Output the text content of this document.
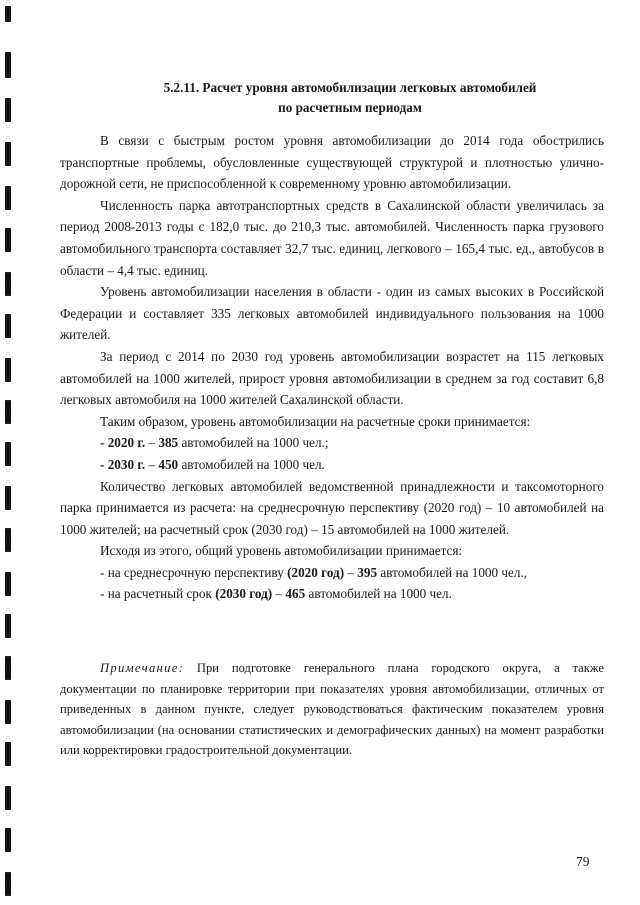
5.2.11. Расчет уровня автомобилизации легковых автомобилей
по расчетным периодам

В связи с быстрым ростом уровня автомобилизации до 2014 года обострились транспортные проблемы, обусловленные существующей структурой и плотностью улично-дорожной сети, не приспособленной к современному уровню автомобилизации.

Численность парка автотранспортных средств в Сахалинской области увеличилась за период 2008-2013 годы с 182,0 тыс. до 210,3 тыс. автомобилей. Численность парка грузового автомобильного транспорта составляет 32,7 тыс. единиц, легкового – 165,4 тыс. ед., автобусов в области – 4,4 тыс. единиц.

Уровень автомобилизации населения в области - один из самых высоких в Российской Федерации и составляет 335 легковых автомобилей индивидуального пользования на 1000 жителей.

За период с 2014 по 2030 год уровень автомобилизации возрастет на 115 легковых автомобилей на 1000 жителей, прирост уровня автомобилизации в среднем за год составит 6,8 легковых автомобиля на 1000 жителей Сахалинской области.

Таким образом, уровень автомобилизации на расчетные сроки принимается:

- 2020 г. – 385 автомобилей на 1000 чел.;

- 2030 г. – 450 автомобилей на 1000 чел.

Количество легковых автомобилей ведомственной принадлежности и таксомоторного парка принимается из расчета: на среднесрочную перспективу (2020 год) – 10 автомобилей на 1000 жителей; на расчетный срок (2030 год) – 15 автомобилей на 1000 жителей.

Исходя из этого, общий уровень автомобилизации принимается:

- на среднесрочную перспективу (2020 год) – 395 автомобилей на 1000 чел.,

- на расчетный срок (2030 год) – 465 автомобилей на 1000 чел.

Примечание: При подготовке генерального плана городского округа, а также документации по планировке территории при показателях уровня автомобилизации, отличных от приведенных в данном пункте, следует руководствоваться фактическим показателем уровня автомобилизации (на основании статистических и демографических данных) на момент разработки или корректировки градостроительной документации.
79
